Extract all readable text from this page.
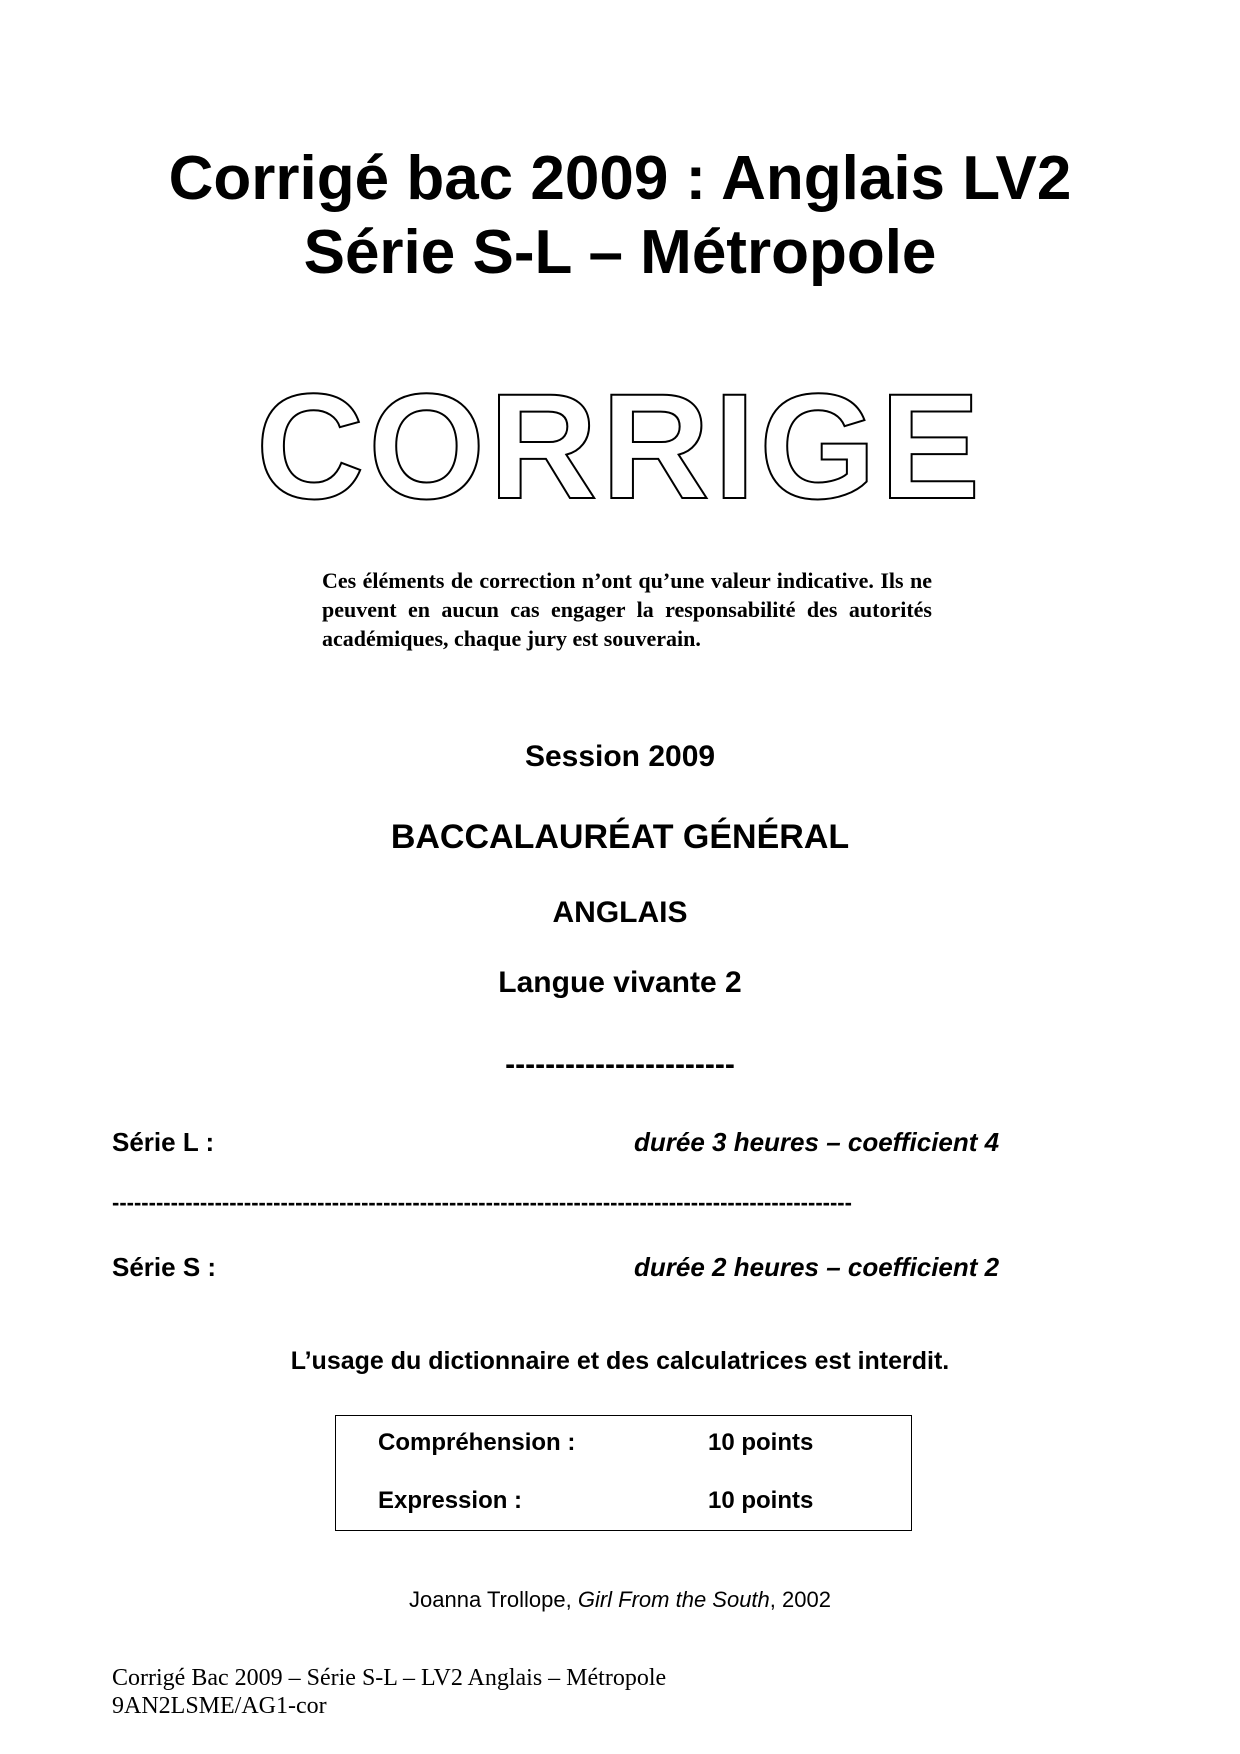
Corrigé bac 2009 : Anglais LV2
Série S-L – Métropole
CORRIGE
Ces éléments de correction n’ont qu’une valeur indicative. Ils ne peuvent en aucun cas engager la responsabilité des autorités académiques, chaque jury est souverain.
Session 2009
BACCALAURÉAT GÉNÉRAL
ANGLAIS
Langue vivante 2
-----------------------
Série L :	durée 3 heures – coefficient 4
-----------------------------------------------------------------------------------------------------
Série S :	durée 2 heures – coefficient 2
L’usage du dictionnaire et des calculatrices est interdit.
Compréhension :	10 points
Expression :	10 points
Joanna Trollope, Girl From the South, 2002
Corrigé Bac 2009 – Série S-L – LV2 Anglais – Métropole
9AN2LSME/AG1-cor
